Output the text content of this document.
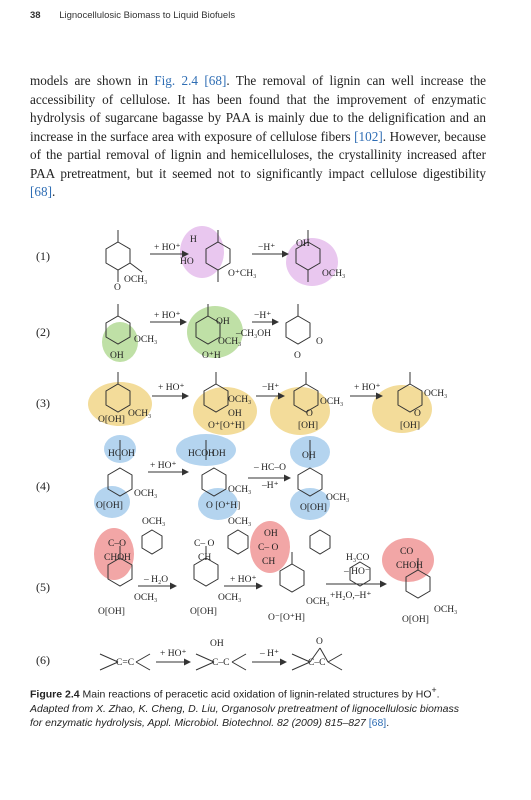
38 Lignocellulosic Biomass to Liquid Biofuels
models are shown in Fig. 2.4 [68]. The removal of lignin can well increase the accessibility of cellulose. It has been found that the improvement of enzymatic hydrolysis of sugarcane bagasse by PAA is mainly due to the delignification and an increase in the surface area with exposure of cellulose fibers [102]. However, because of the partial removal of lignin and hemicelluloses, the crystallinity increased after PAA pretreatment, but it seemed not to significantly impact cellulose digestibility [68].
(1)
(2)
(3)
(4)
(5)
(6)
+ HO⁺	−H⁺
H
HO
OCH₃
O⁺CH₃
OH
OCH₃
O
+ HO⁺	−H⁺
OH
OCH₃
OH
OCH₃
O⁺H
–CH₃OH
O
O
+ HO⁺	−H⁺	+ HO⁺
OCH₃
O[OH]
OCH₃
OH
O⁺[O⁺H]
OCH₃
O
OCH₃
[OH]
O
[OH]
+ HO⁺	– HC–O
–H⁺
HCOH	HCOH	OH
OCH₃
O[OH]
OCH₃
O [O⁺H]
OH
OCH₃
O[OH]
– H₂O	+ HO⁺
– HO⁻
+H₂O,–H⁺
OCH₃
C–O
CHOH
OCH₃
O[OH]
OCH₃
C– O
CH
OCH₃
O[OH]
OH
C– O
CH
OCH₃
O⁻[O⁺H]
H₃CO
CO
CHOH
OCH₃
O[OH]
+ HO⁺	– H⁺
C=C	C–C
OH
C–C
O
Figure 2.4 Main reactions of peracetic acid oxidation of lignin-related structures by HO+. Adapted from X. Zhao, K. Cheng, D. Liu, Organosolv pretreatment of lignocellulosic biomass for enzymatic hydrolysis, Appl. Microbiol. Biotechnol. 82 (2009) 815–827 [68].
